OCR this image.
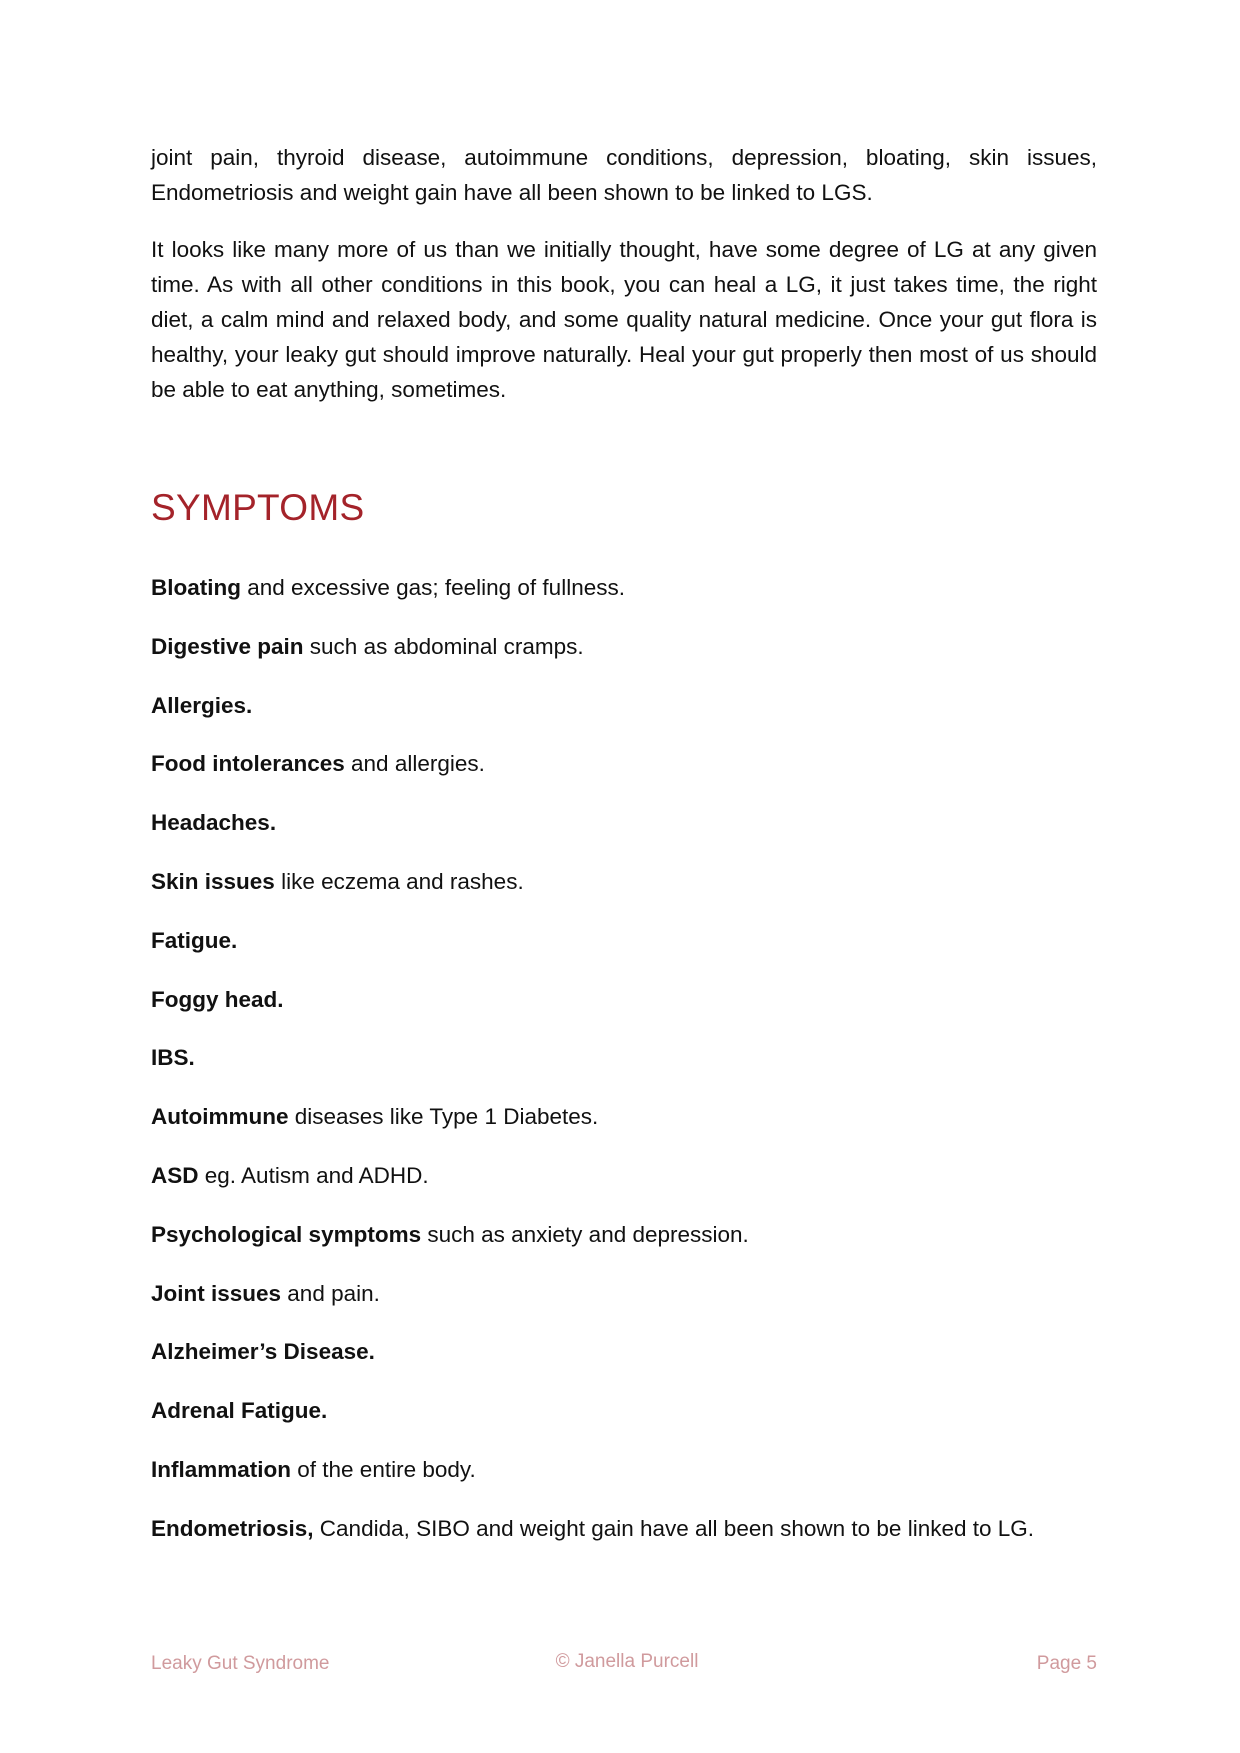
joint pain, thyroid disease, autoimmune conditions, depression, bloating, skin issues, Endometriosis and weight gain have all been shown to be linked to LGS.

It looks like many more of us than we initially thought, have some degree of LG at any given time. As with all other conditions in this book, you can heal a LG, it just takes time, the right diet, a calm mind and relaxed body, and some quality natural medicine. Once your gut flora is healthy, your leaky gut should improve naturally. Heal your gut properly then most of us should be able to eat anything, sometimes.

SYMPTOMS
Bloating and excessive gas; feeling of fullness.
Digestive pain such as abdominal cramps.
Allergies.
Food intolerances and allergies.
Headaches.
Skin issues like eczema and rashes.
Fatigue.
Foggy head.
IBS.
Autoimmune diseases like Type 1 Diabetes.
ASD eg. Autism and ADHD.
Psychological symptoms such as anxiety and depression.
Joint issues and pain.
Alzheimer’s Disease.
Adrenal Fatigue.
Inflammation of the entire body.
Endometriosis, Candida, SIBO and weight gain have all been shown to be linked to LG.
Leaky Gut Syndrome	© Janella Purcell	Page 5
